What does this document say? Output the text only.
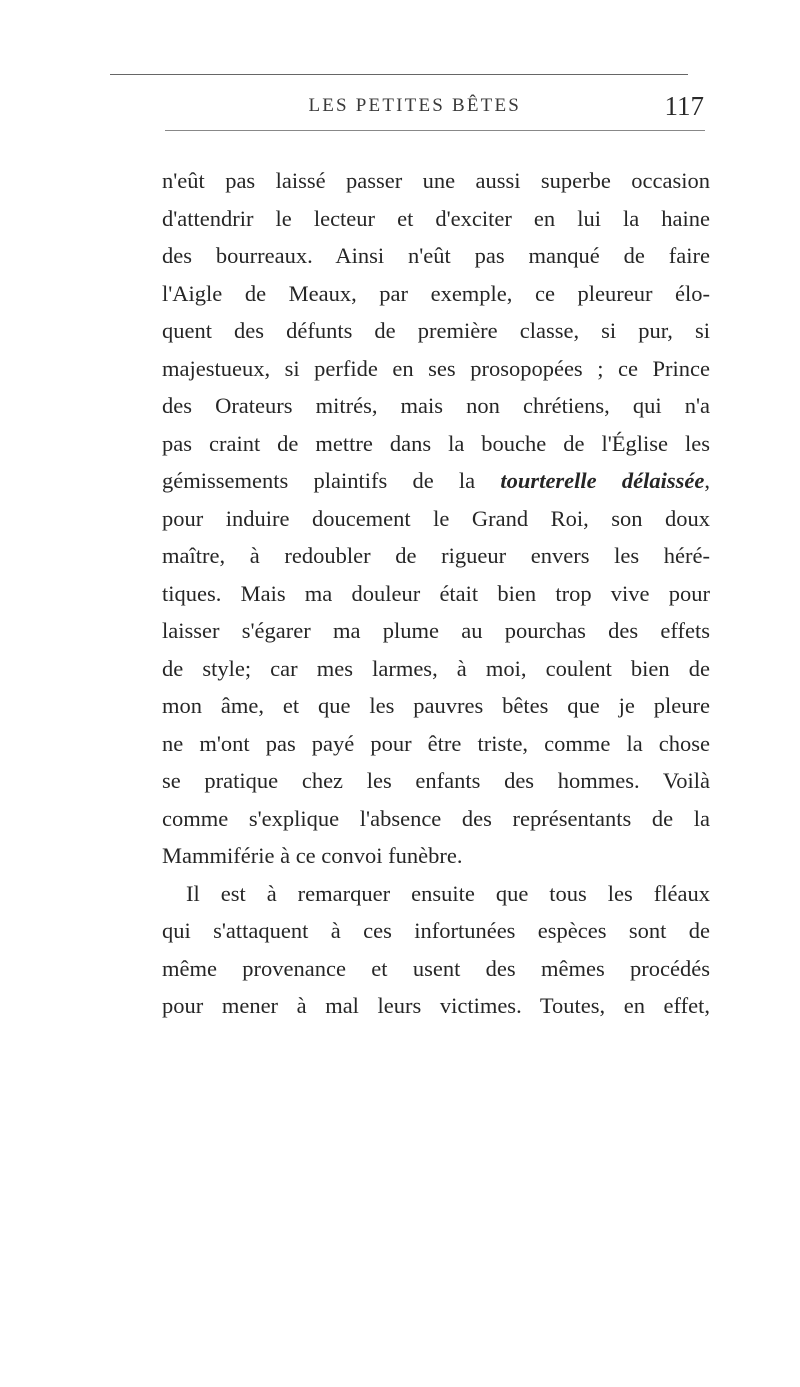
LES PETITES BÊTES	117
n'eût pas laissé passer une aussi superbe occasion
d'attendrir le lecteur et d'exciter en lui la haine
des bourreaux. Ainsi n'eût pas manqué de faire
l'Aigle de Meaux, par exemple, ce pleureur élo-
quent des défunts de première classe, si pur, si
majestueux, si perfide en ses prosopopées ; ce Prince
des Orateurs mitrés, mais non chrétiens, qui n'a
pas craint de mettre dans la bouche de l'Église les
gémissements plaintifs de la tourterelle délaissée,
pour induire doucement le Grand Roi, son doux
maître, à redoubler de rigueur envers les héré-
tiques. Mais ma douleur était bien trop vive pour
laisser s'égarer ma plume au pourchas des effets
de style; car mes larmes, à moi, coulent bien de
mon âme, et que les pauvres bêtes que je pleure
ne m'ont pas payé pour être triste, comme la chose
se pratique chez les enfants des hommes. Voilà
comme s'explique l'absence des représentants de la
Mammiférie à ce convoi funèbre.
Il est à remarquer ensuite que tous les fléaux
qui s'attaquent à ces infortunées espèces sont de
même provenance et usent des mêmes procédés
pour mener à mal leurs victimes. Toutes, en effet,
